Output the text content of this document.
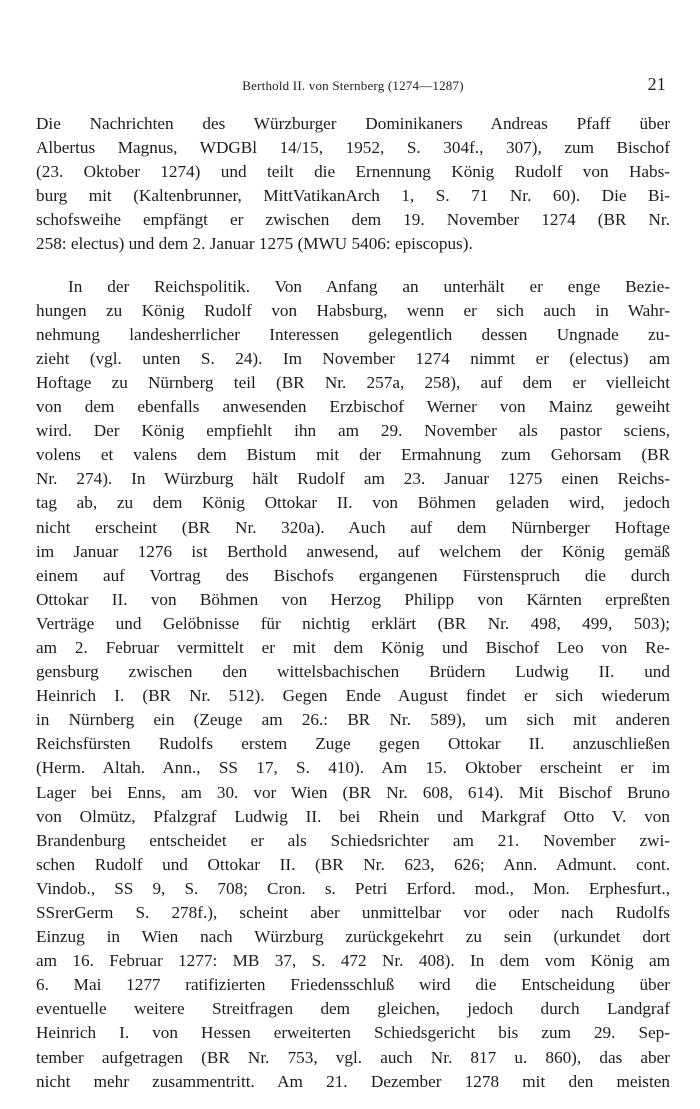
Berthold II. von Sternberg (1274—1287)	21
Die Nachrichten des Würzburger Dominikaners Andreas Pfaff über
Albertus Magnus, WDGBl 14/15, 1952, S. 304f., 307), zum Bischof
(23. Oktober 1274) und teilt die Ernennung König Rudolf von Habs-
burg mit (Kaltenbrunner, MittVatikanArch 1, S. 71 Nr. 60). Die Bi-
schofsweihe empfängt er zwischen dem 19. November 1274 (BR Nr.
258: electus) und dem 2. Januar 1275 (MWU 5406: episcopus).
In der Reichspolitik. Von Anfang an unterhält er enge Bezie-
hungen zu König Rudolf von Habsburg, wenn er sich auch in Wahr-
nehmung landesherrlicher Interessen gelegentlich dessen Ungnade zu-
zieht (vgl. unten S. 24). Im November 1274 nimmt er (electus) am
Hoftage zu Nürnberg teil (BR Nr. 257a, 258), auf dem er vielleicht
von dem ebenfalls anwesenden Erzbischof Werner von Mainz geweiht
wird. Der König empfiehlt ihn am 29. November als pastor sciens,
volens et valens dem Bistum mit der Ermahnung zum Gehorsam (BR
Nr. 274). In Würzburg hält Rudolf am 23. Januar 1275 einen Reichs-
tag ab, zu dem König Ottokar II. von Böhmen geladen wird, jedoch
nicht erscheint (BR Nr. 320a). Auch auf dem Nürnberger Hoftage
im Januar 1276 ist Berthold anwesend, auf welchem der König gemäß
einem auf Vortrag des Bischofs ergangenen Fürstenspruch die durch
Ottokar II. von Böhmen von Herzog Philipp von Kärnten erpreßten
Verträge und Gelöbnisse für nichtig erklärt (BR Nr. 498, 499, 503);
am 2. Februar vermittelt er mit dem König und Bischof Leo von Re-
gensburg zwischen den wittelsbachischen Brüdern Ludwig II. und
Heinrich I. (BR Nr. 512). Gegen Ende August findet er sich wiederum
in Nürnberg ein (Zeuge am 26.: BR Nr. 589), um sich mit anderen
Reichsfürsten Rudolfs erstem Zuge gegen Ottokar II. anzuschließen
(Herm. Altah. Ann., SS 17, S. 410). Am 15. Oktober erscheint er im
Lager bei Enns, am 30. vor Wien (BR Nr. 608, 614). Mit Bischof Bruno
von Olmütz, Pfalzgraf Ludwig II. bei Rhein und Markgraf Otto V. von
Brandenburg entscheidet er als Schiedsrichter am 21. November zwi-
schen Rudolf und Ottokar II. (BR Nr. 623, 626; Ann. Admunt. cont.
Vindob., SS 9, S. 708; Cron. s. Petri Erford. mod., Mon. Erphesfurt.,
SSrerGerm S. 278f.), scheint aber unmittelbar vor oder nach Rudolfs
Einzug in Wien nach Würzburg zurückgekehrt zu sein (urkundet dort
am 16. Februar 1277: MB 37, S. 472 Nr. 408). In dem vom König am
6. Mai 1277 ratifizierten Friedensschluß wird die Entscheidung über
eventuelle weitere Streitfragen dem gleichen, jedoch durch Landgraf
Heinrich I. von Hessen erweiterten Schiedsgericht bis zum 29. Sep-
tember aufgetragen (BR Nr. 753, vgl. auch Nr. 817 u. 860), das aber
nicht mehr zusammentritt. Am 21. Dezember 1278 mit den meisten
